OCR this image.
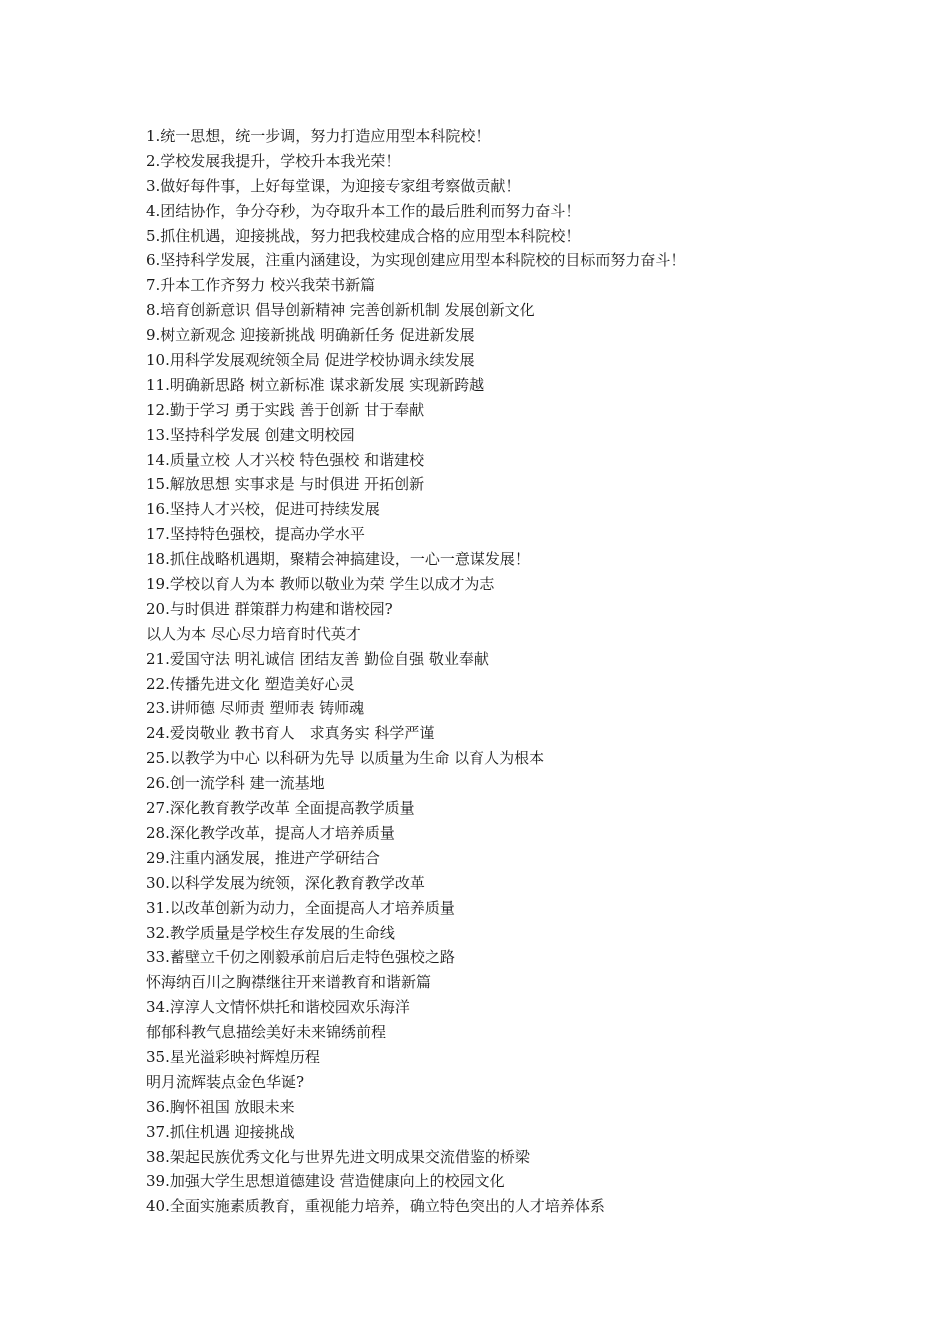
1.统一思想，统一步调，努力打造应用型本科院校！
2.学校发展我提升，学校升本我光荣！
3.做好每件事，上好每堂课，为迎接专家组考察做贡献！
4.团结协作，争分夺秒，为夺取升本工作的最后胜利而努力奋斗！
5.抓住机遇，迎接挑战，努力把我校建成合格的应用型本科院校！
6.坚持科学发展，注重内涵建设，为实现创建应用型本科院校的目标而努力奋斗！
7.升本工作齐努力 校兴我荣书新篇
8.培育创新意识 倡导创新精神 完善创新机制 发展创新文化
9.树立新观念 迎接新挑战 明确新任务 促进新发展
10.用科学发展观统领全局 促进学校协调永续发展
11.明确新思路 树立新标准 谋求新发展 实现新跨越
12.勤于学习 勇于实践 善于创新 甘于奉献
13.坚持科学发展 创建文明校园
14.质量立校 人才兴校 特色强校 和谐建校
15.解放思想 实事求是 与时俱进 开拓创新
16.坚持人才兴校，促进可持续发展
17.坚持特色强校，提高办学水平
18.抓住战略机遇期，聚精会神搞建设，一心一意谋发展！
19.学校以育人为本 教师以敬业为荣 学生以成才为志
20.与时俱进 群策群力构建和谐校园?
以人为本 尽心尽力培育时代英才
21.爱国守法 明礼诚信 团结友善 勤俭自强 敬业奉献
22.传播先进文化 塑造美好心灵
23.讲师德 尽师责 塑师表 铸师魂
24.爱岗敬业 教书育人　求真务实 科学严谨
25.以教学为中心 以科研为先导 以质量为生命 以育人为根本
26.创一流学科 建一流基地
27.深化教育教学改革 全面提高教学质量
28.深化教学改革，提高人才培养质量
29.注重内涵发展，推进产学研结合
30.以科学发展为统领，深化教育教学改革
31.以改革创新为动力，全面提高人才培养质量
32.教学质量是学校生存发展的生命线
33.蓄壁立千仞之刚毅承前启后走特色强校之路
怀海纳百川之胸襟继往开来谱教育和谐新篇
34.淳淳人文情怀烘托和谐校园欢乐海洋
郁郁科教气息描绘美好未来锦绣前程
35.星光溢彩映衬辉煌历程
明月流辉装点金色华诞?
36.胸怀祖国 放眼未来
37.抓住机遇 迎接挑战
38.架起民族优秀文化与世界先进文明成果交流借鉴的桥梁
39.加强大学生思想道德建设 营造健康向上的校园文化
40.全面实施素质教育，重视能力培养，确立特色突出的人才培养体系
